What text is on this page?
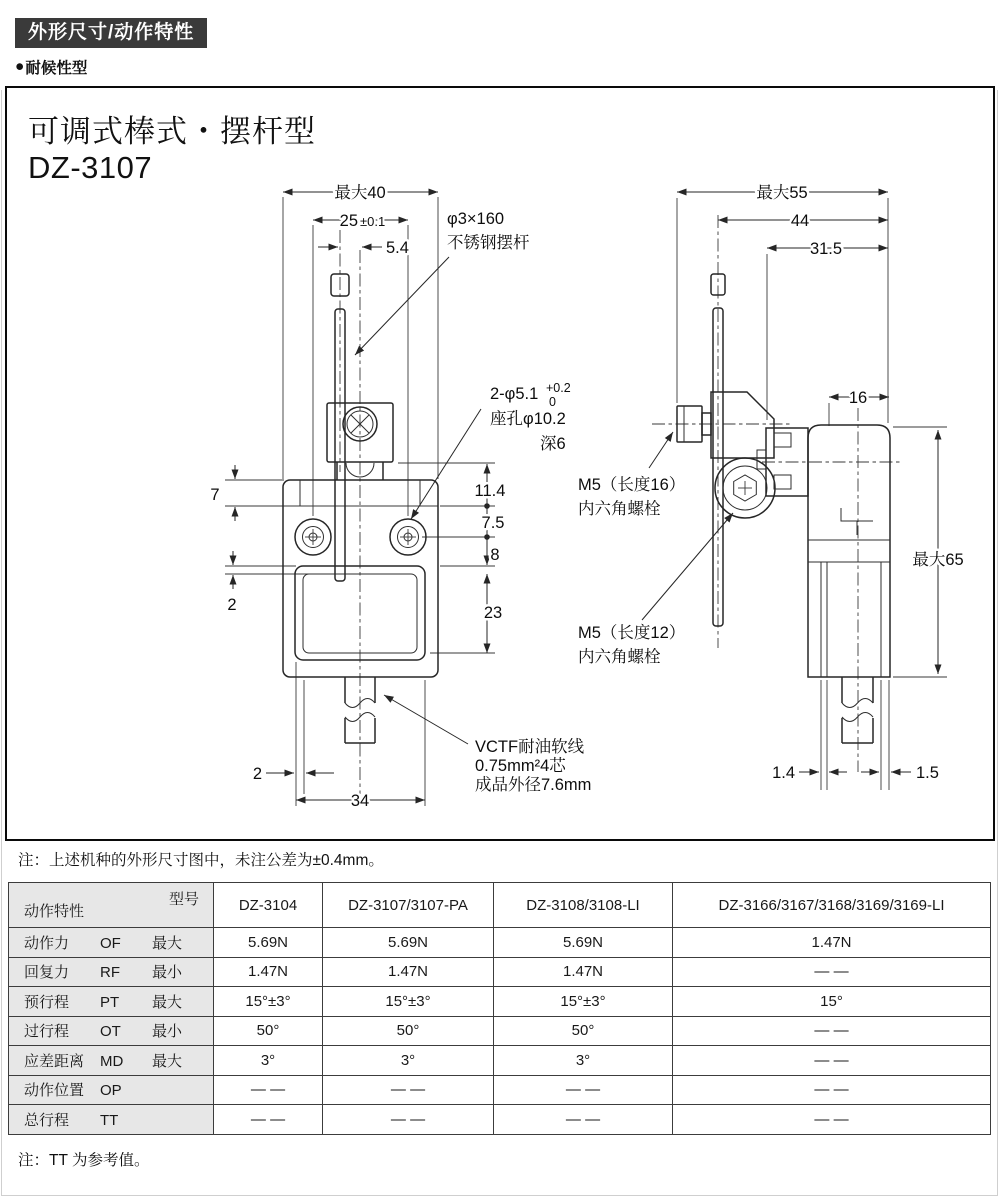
外形尺寸/动作特性
● 耐候性型
可调式棒式・摆杆型
DZ-3107
最大40
25 ±0.1
5.4
7
2
11.4
7.5
8
23
2
34
φ3×160
不锈钢摆杆
2-φ5.1 +0.2
0
座孔φ10.2
深6
VCTF耐油软线
0.75mm²4芯
成品外径7.6mm
最大55
44
31.5
16
最大65
1.4	1.5
M5（长度16）
内六角螺栓
M5（长度12）
内六角螺栓
注：上述机种的外形尺寸图中，未注公差为±0.4mm。
型号
动作特性	DZ-3104	DZ-3107/3107-PA	DZ-3108/3108-LI	DZ-3166/3167/3168/3169/3169-LI
动作力 OF 最大	5.69N	5.69N	5.69N	1.47N
回复力 RF 最小	1.47N	1.47N	1.47N	— —
预行程 PT 最大	15°±3°	15°±3°	15°±3°	15°
过行程 OT 最小	50°	50°	50°	— —
应差距离 MD 最大	3°	3°	3°	— —
动作位置 OP	— —	— —	— —	— —
总行程 TT	— —	— —	— —	— —
注：TT 为参考值。
